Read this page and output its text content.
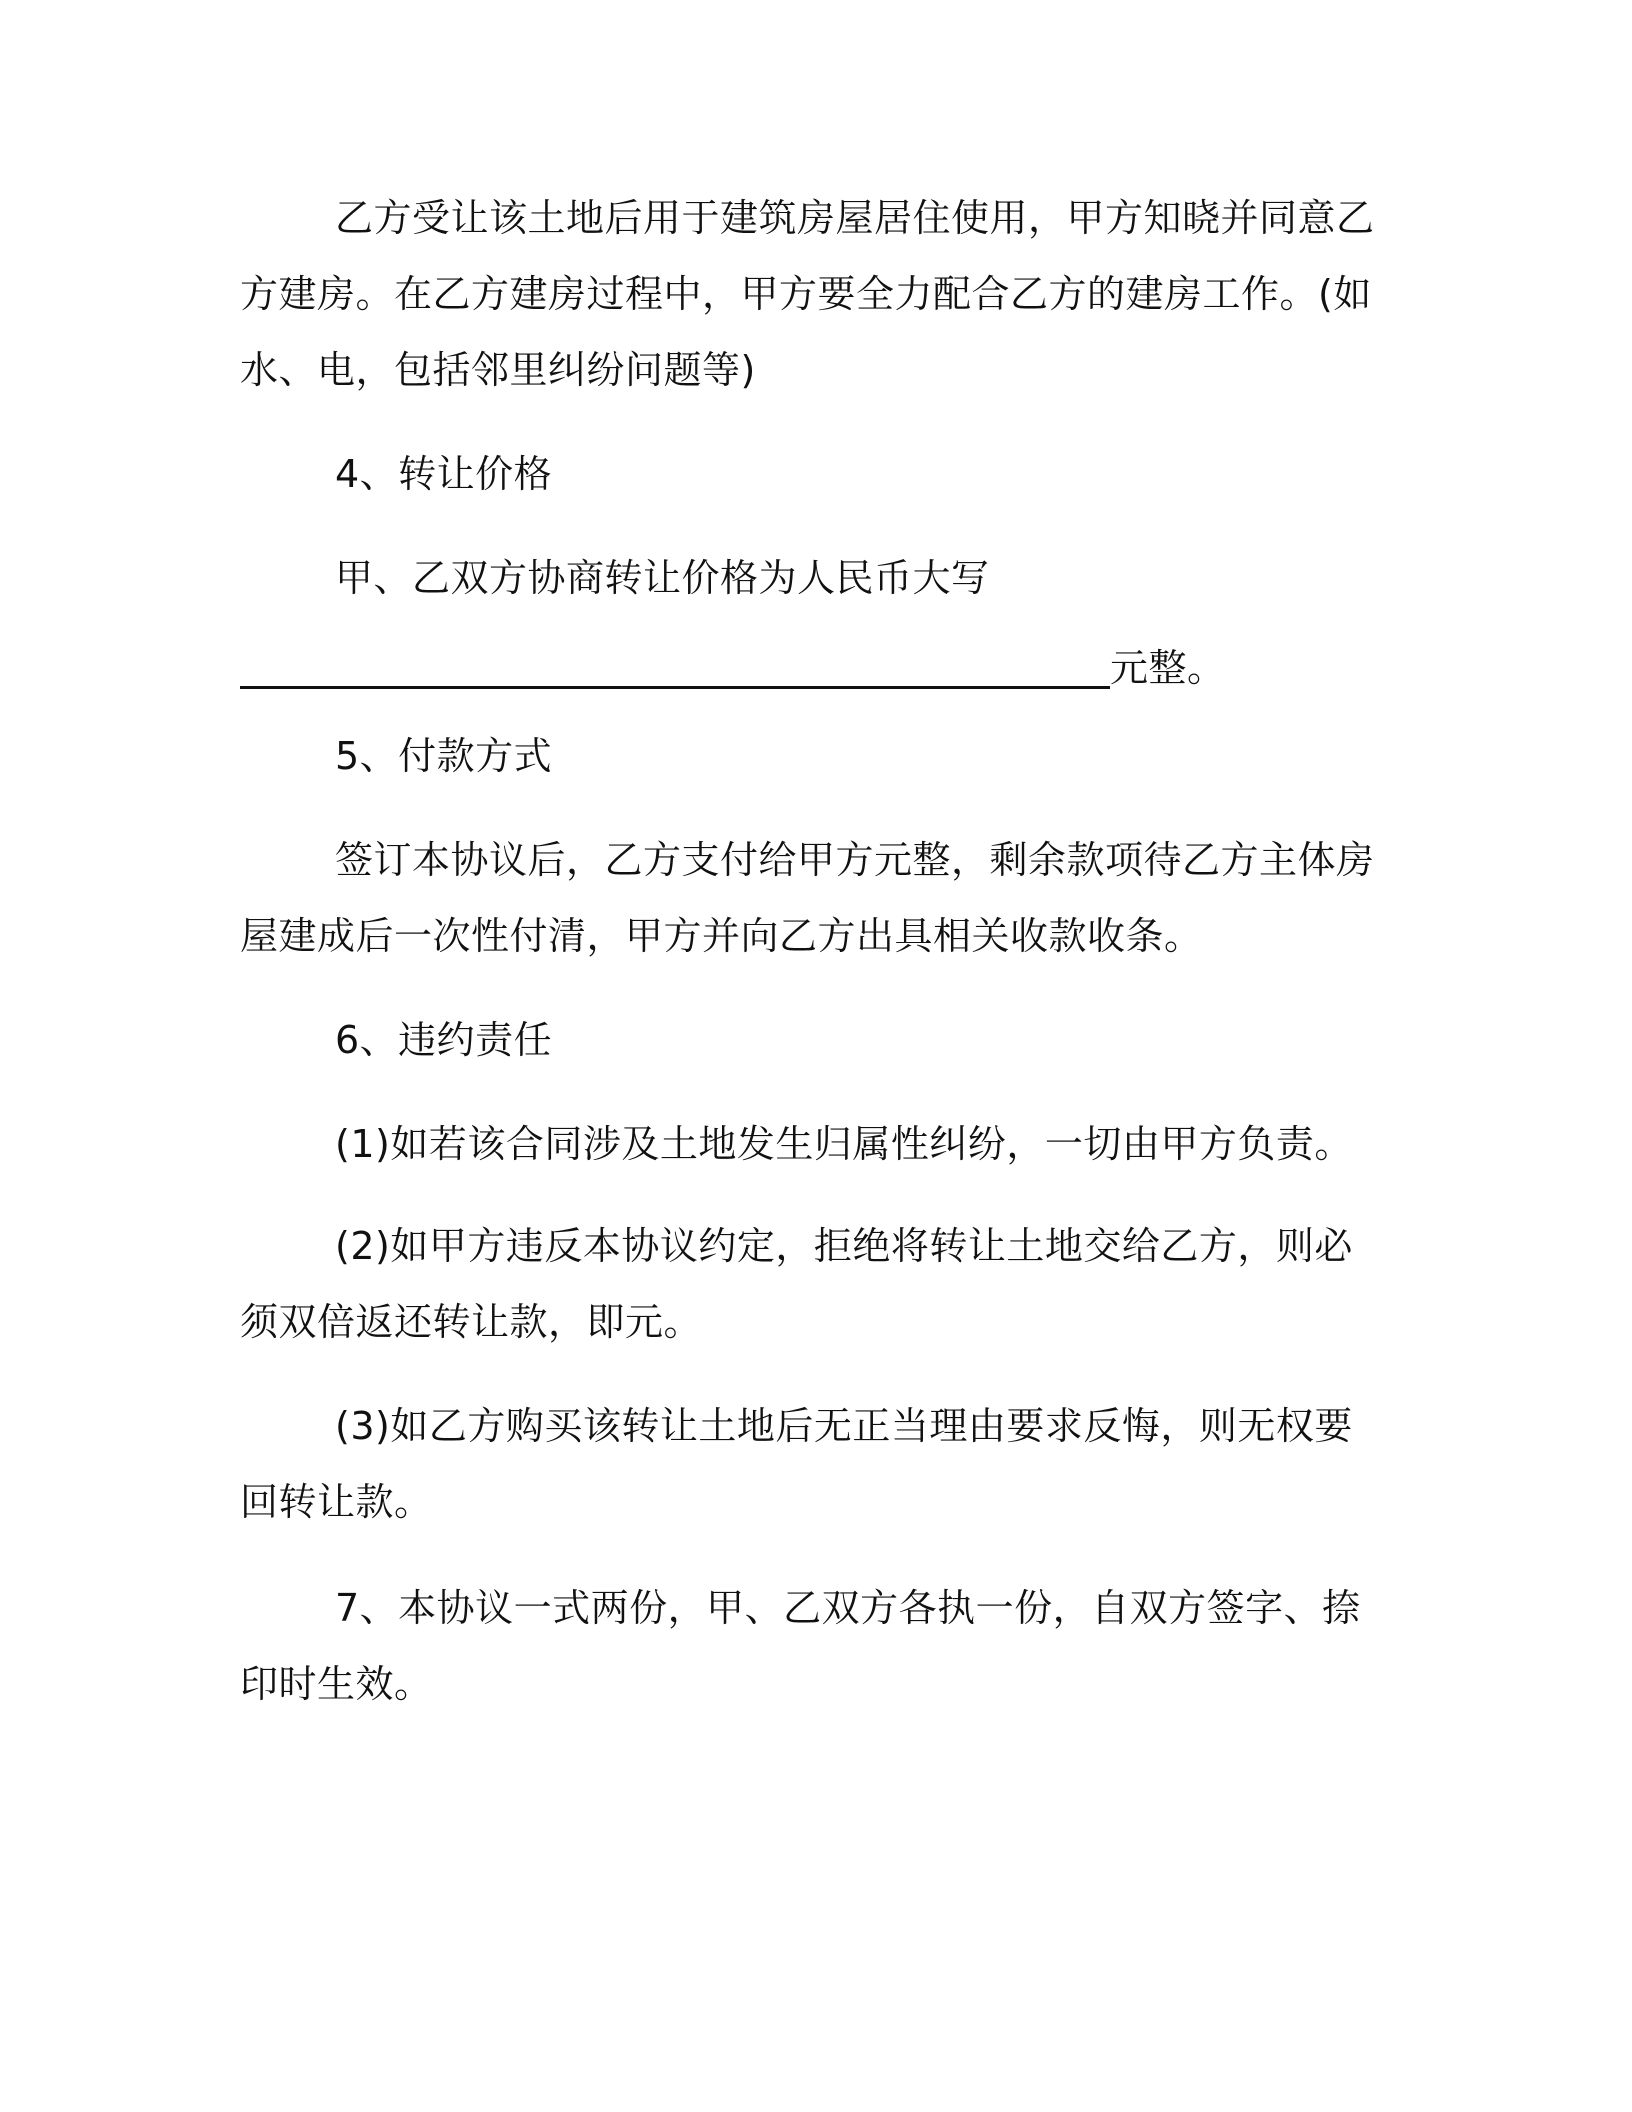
乙方受让该土地后用于建筑房屋居住使用，甲方知晓并同意乙方建房。在乙方建房过程中，甲方要全力配合乙方的建房工作。(如水、电，包括邻里纠纷问题等)

4、转让价格

甲、乙双方协商转让价格为人民币大写

元整。

5、付款方式

签订本协议后，乙方支付给甲方元整，剩余款项待乙方主体房屋建成后一次性付清，甲方并向乙方出具相关收款收条。

6、违约责任

(1)如若该合同涉及土地发生归属性纠纷，一切由甲方负责。

(2)如甲方违反本协议约定，拒绝将转让土地交给乙方，则必须双倍返还转让款，即元。

(3)如乙方购买该转让土地后无正当理由要求反悔，则无权要回转让款。

7、本协议一式两份，甲、乙双方各执一份，自双方签字、捺印时生效。
